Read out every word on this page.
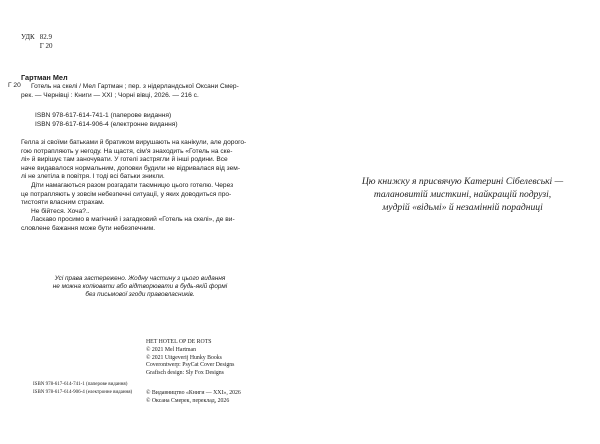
УДК 82.9
Г 20
Гартман Мел
Г 20	Готель на скелі / Мел Гартман ; пер. з нідерландської Оксани Смер-

рек. — Чернівці : Книги — ХХІ ; Чорні вівці, 2026. — 216 с.

ISBN 978-617-614-741-1 (паперове видання)
ISBN 978-617-614-906-4 (електронне видання)

Гелла зі своїми батьками й братиком вирушають на канікули, але дорого-

гою потрапляють у негоду. На щастя, сім'я знаходить «Готель на ске-

лі» й вирішує там заночувати. У готелі застрягли й інші родини. Все

наче видавалося нормальним, доповки будили не відривалася від зем-

лі не злетіла в повітря. І тоді всі батьки зникли.

Діти намагаються разом розгадати таємницю цього готелю. Через

це потрапляють у зовсім небезпечні ситуації, у яких доводиться про-

тистояти власним страхам.

Не бійтеся. Хоча?..

Ласкаво просимо в магічний і загадковий «Готель на скелі», де ви-

словлене бажання може бути небезпечним.

Усі права застережено. Жодну частину з цього видання
не можна копіювати або відтворювати в будь-якій формі
без письмової згоди правовласників.
HET HOTEL OP DE ROTS
© 2021 Mel Hartman
© 2021 Uitgeverij Hunky Books
Coverontwerp: PsyCat Cover Designs
Grafisch design: Sly Fox Designs
ISBN 978-617-614-741-1 (паперове видання)
ISBN 978-617-614-906-4 (електронне видання) © Видавництво «Книги — ХХІ», 2026
© Оксана Смерек, переклад, 2026
Цю книжку я присвячую Катерині Сібелевські —
талановитій мисткині, найкращій подрузі,
мудрій «відьмі» й незамінній порадниці
